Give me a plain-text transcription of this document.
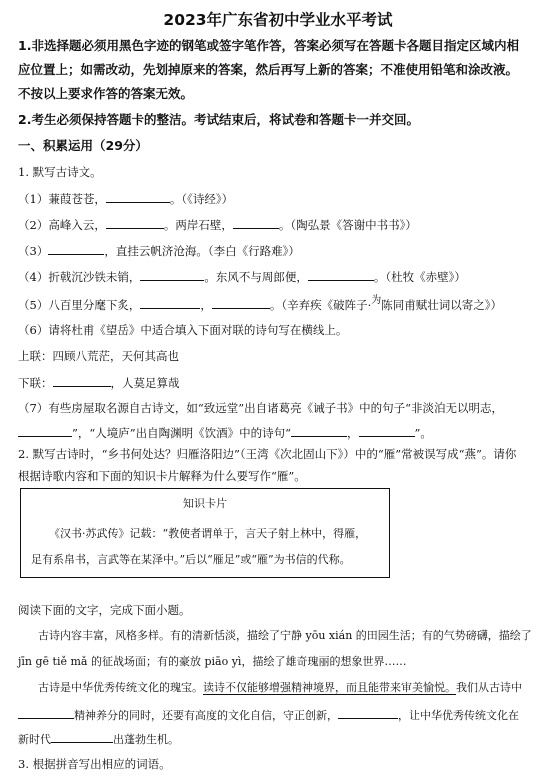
2023年广东省初中学业水平考试
1.非选择题必须用黑色字迹的钢笔或签字笔作答，答案必须写在答题卡各题目指定区域内相
应位置上；如需改动，先划掉原来的答案，然后再写上新的答案；不准使用铅笔和涂改液。
不按以上要求作答的答案无效。
2.考生必须保持答题卡的整洁。考试结束后，将试卷和答题卡一并交回。
一、积累运用（29分）
1. 默写古诗文。
（1）蒹葭苍苍，	。（《诗经》）
（2）高峰入云，	。两岸石壁，	。（陶弘景《答谢中书书》）
（3）	，直挂云帆济沧海。（李白《行路难》）
（4）折戟沉沙铁未销，	。东风不与周郎便，	。（杜牧《赤壁》）
（5）八百里分麾下炙，	，	。（辛弃疾《破阵子·为陈同甫赋壮词以寄之》）
（6）请将杜甫《望岳》中适合填入下面对联的诗句写在横线上。
上联：四顾八荒茫，天何其高也
下联：	，人莫足算哉
（7）有些房屋取名源自古诗文，如“致远堂”出自诸葛亮《诫子书》中的句子“非淡泊无以明志，
”，“人境庐”出自陶渊明《饮酒》中的诗句“	，	”。
2. 默写古诗时，“乡书何处达？归雁洛阳边”（王湾《次北固山下》）中的“雁”常被误写成“燕”。请你
根据诗歌内容和下面的知识卡片解释为什么要写作“雁”。
知识卡片
《汉书·苏武传》记载：“教使者谓单于，言天子射上林中，得雁，
足有系帛书，言武等在某泽中。”后以“雁足”或“雁”为书信的代称。
阅读下面的文字，完成下面小题。
古诗内容丰富，风格多样。有的清新恬淡，描绘了宁静 yōu xián 的田园生活；有的气势磅礴，描绘了
jīn gē tiě mǎ 的征战场面；有的豪放 piāo yì，描绘了雄奇瑰丽的想象世界……
古诗是中华优秀传统文化的瑰宝。读诗不仅能够增强精神境界，而且能带来审美愉悦。我们从古诗中
精神养分的同时，还要有高度的文化自信，守正创新，	，让中华优秀传统文化在
新时代	出蓬勃生机。
3. 根据拼音写出相应的词语。
